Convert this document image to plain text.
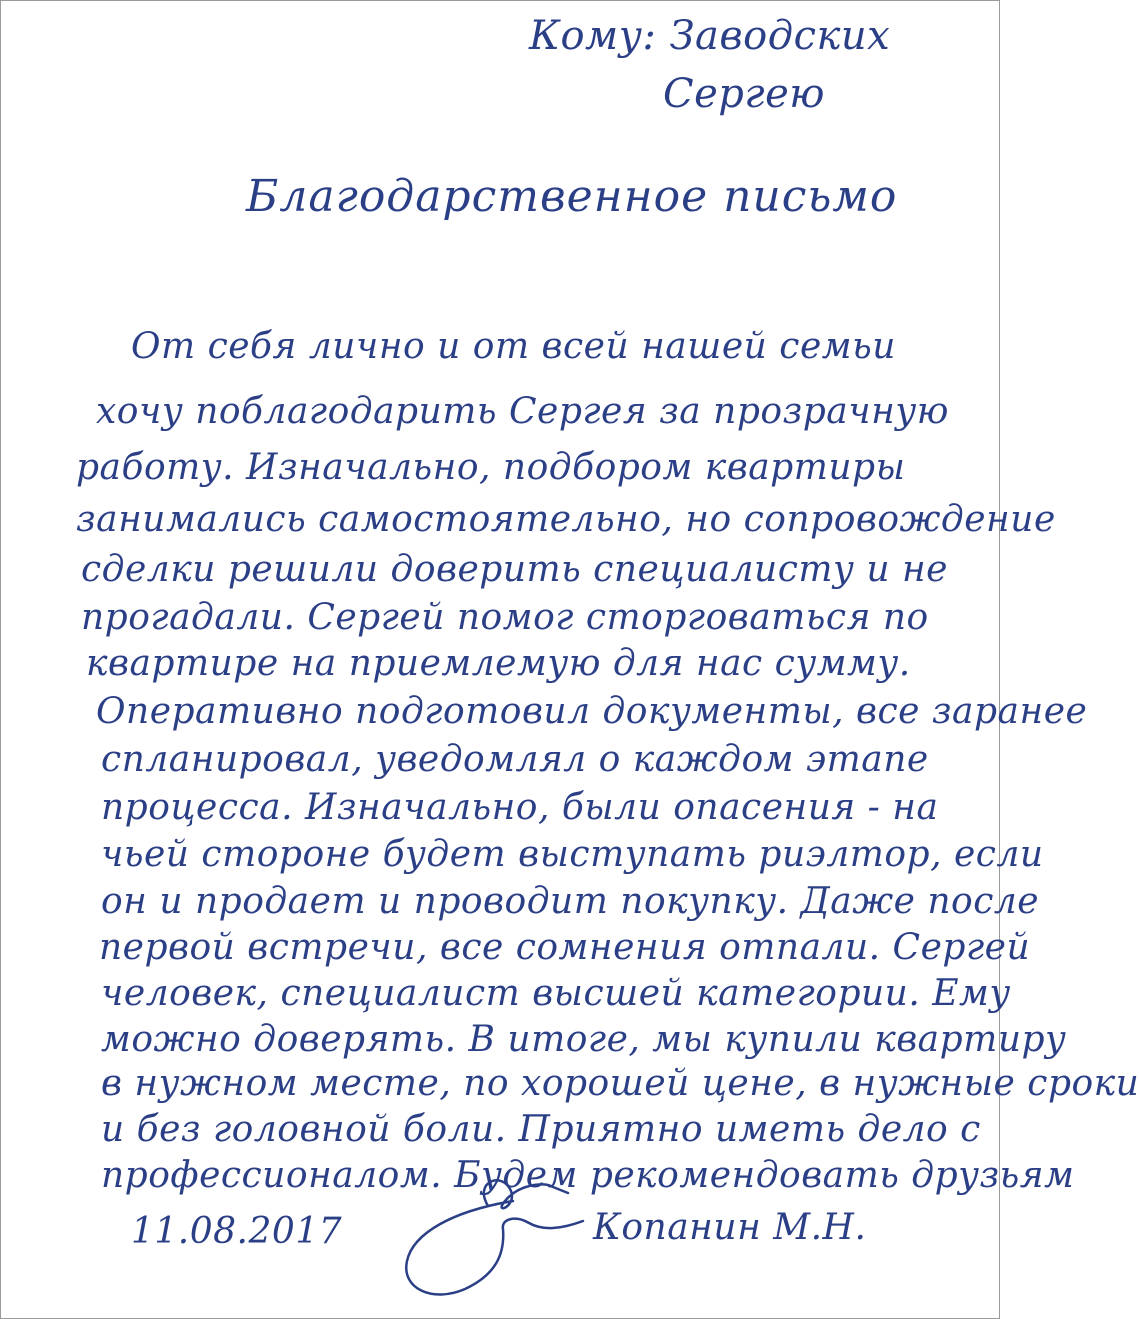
Кому: Заводских
Сергею
Благодарственное письмо
От себя лично и от всей нашей семьи
хочу поблагодарить Сергея за прозрачную
работу. Изначально, подбором квартиры
занимались самостоятельно, но сопровождение
сделки решили доверить специалисту и не
прогадали. Сергей помог сторговаться по
квартире на приемлемую для нас сумму.
Оперативно подготовил документы, все заранее
спланировал, уведомлял о каждом этапе
процесса. Изначально, были опасения - на
чьей стороне будет выступать риэлтор, если
он и продает и проводит покупку. Даже после
первой встречи, все сомнения отпали. Сергей
человек, специалист высшей категории. Ему
можно доверять. В итоге, мы купили квартиру
в нужном месте, по хорошей цене, в нужные сроки
и без головной боли. Приятно иметь дело с
профессионалом. Будем рекомендовать друзьям
11.08.2017	Копанин М.Н.
